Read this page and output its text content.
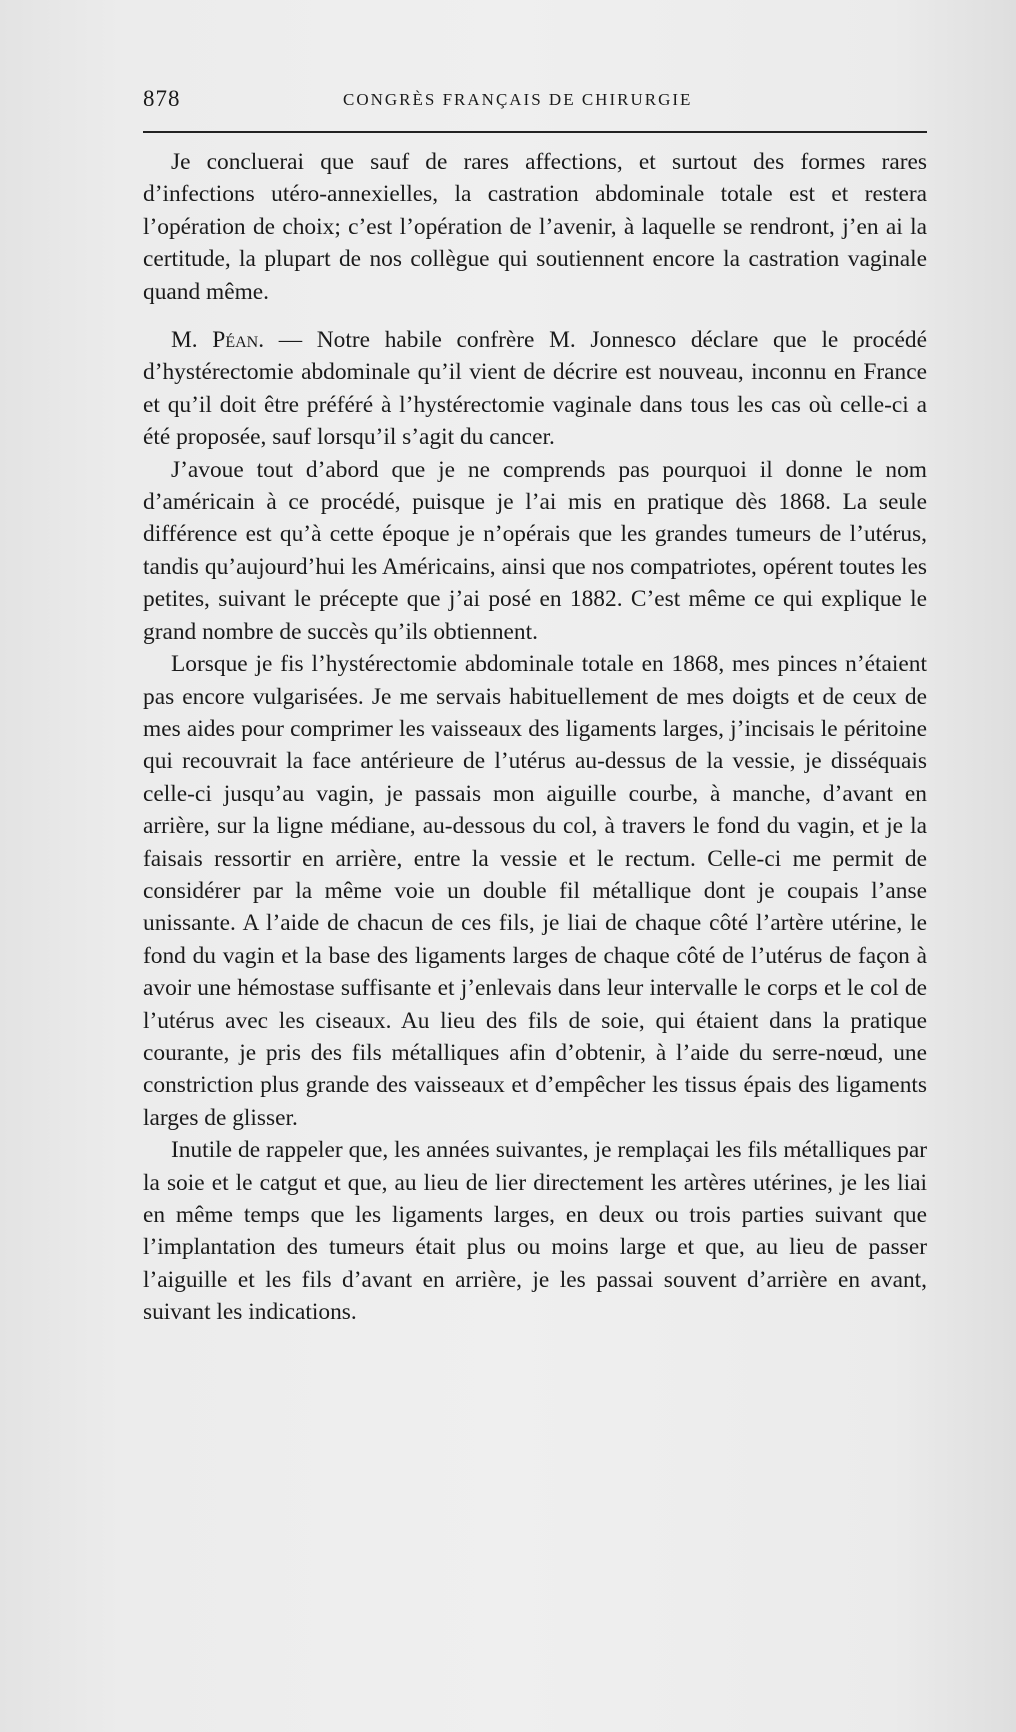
878	CONGRÈS FRANÇAIS DE CHIRURGIE

Je concluerai que sauf de rares affections, et surtout des formes rares d’infections utéro-annexielles, la castration abdominale totale est et restera l’opération de choix; c’est l’opération de l’avenir, à laquelle se rendront, j’en ai la certitude, la plupart de nos collègue qui soutiennent encore la castration vaginale quand même.

M. Péan. — Notre habile confrère M. Jonnesco déclare que le procédé d’hystérectomie abdominale qu’il vient de décrire est nouveau, inconnu en France et qu’il doit être préféré à l’hystérectomie vaginale dans tous les cas où celle-ci a été proposée, sauf lorsqu’il s’agit du cancer.

J’avoue tout d’abord que je ne comprends pas pourquoi il donne le nom d’américain à ce procédé, puisque je l’ai mis en pratique dès 1868. La seule différence est qu’à cette époque je n’opérais que les grandes tumeurs de l’utérus, tandis qu’aujourd’hui les Américains, ainsi que nos compatriotes, opérent toutes les petites, suivant le précepte que j’ai posé en 1882. C’est même ce qui explique le grand nombre de succès qu’ils obtiennent.

Lorsque je fis l’hystérectomie abdominale totale en 1868, mes pinces n’étaient pas encore vulgarisées. Je me servais habituellement de mes doigts et de ceux de mes aides pour comprimer les vaisseaux des ligaments larges, j’incisais le péritoine qui recouvrait la face antérieure de l’utérus au-dessus de la vessie, je disséquais celle-ci jusqu’au vagin, je passais mon aiguille courbe, à manche, d’avant en arrière, sur la ligne médiane, au-dessous du col, à travers le fond du vagin, et je la faisais ressortir en arrière, entre la vessie et le rectum. Celle-ci me permit de considérer par la même voie un double fil métallique dont je coupais l’anse unissante. A l’aide de chacun de ces fils, je liai de chaque côté l’artère utérine, le fond du vagin et la base des ligaments larges de chaque côté de l’utérus de façon à avoir une hémostase suffisante et j’enlevais dans leur intervalle le corps et le col de l’utérus avec les ciseaux. Au lieu des fils de soie, qui étaient dans la pratique courante, je pris des fils métalliques afin d’obtenir, à l’aide du serre-nœud, une constriction plus grande des vaisseaux et d’empêcher les tissus épais des ligaments larges de glisser.

Inutile de rappeler que, les années suivantes, je remplaçai les fils métalliques par la soie et le catgut et que, au lieu de lier directement les artères utérines, je les liai en même temps que les ligaments larges, en deux ou trois parties suivant que l’implantation des tumeurs était plus ou moins large et que, au lieu de passer l’aiguille et les fils d’avant en arrière, je les passai souvent d’arrière en avant, suivant les indications.
